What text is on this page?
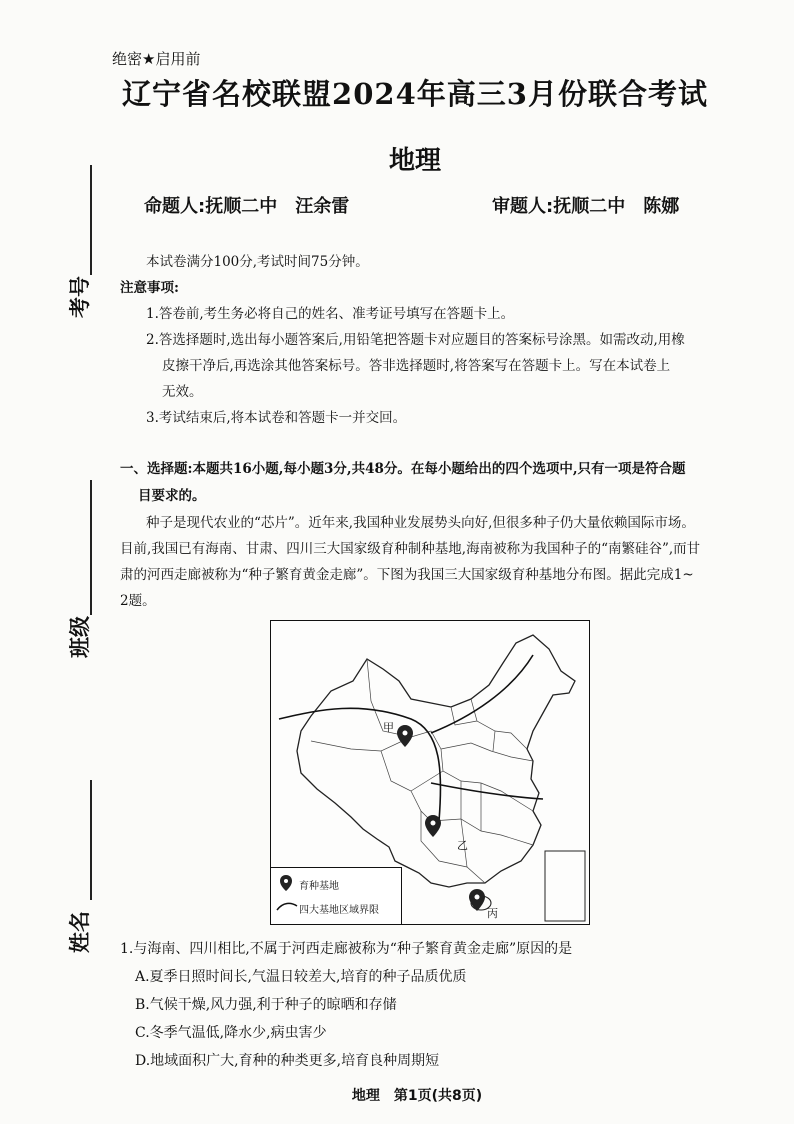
绝密★启用前
辽宁省名校联盟2024年高三3月份联合考试
地理
命题人:抚顺二中　汪余雷	审题人:抚顺二中　陈娜
考号
班级
姓名
本试卷满分100分,考试时间75分钟。
注意事项:
1.答卷前,考生务必将自己的姓名、准考证号填写在答题卡上。
2.答选择题时,选出每小题答案后,用铅笔把答题卡对应题目的答案标号涂黑。如需改动,用橡
皮擦干净后,再选涂其他答案标号。答非选择题时,将答案写在答题卡上。写在本试卷上
无效。
3.考试结束后,将本试卷和答题卡一并交回。
一、选择题:本题共16小题,每小题3分,共48分。在每小题给出的四个选项中,只有一项是符合题
目要求的。
种子是现代农业的“芯片”。近年来,我国种业发展势头向好,但很多种子仍大量依赖国际市场。
目前,我国已有海南、甘肃、四川三大国家级育种制种基地,海南被称为我国种子的“南繁硅谷”,而甘
肃的河西走廊被称为“种子繁育黄金走廊”。下图为我国三大国家级育种基地分布图。据此完成1~
2题。
甲
乙
丙
育种基地
四大基地区域界限
1.与海南、四川相比,不属于河西走廊被称为“种子繁育黄金走廊”原因的是
A.夏季日照时间长,气温日较差大,培育的种子品质优质
B.气候干燥,风力强,利于种子的晾晒和存储
C.冬季气温低,降水少,病虫害少
D.地域面积广大,育种的种类更多,培育良种周期短
地理　第1页(共8页)
